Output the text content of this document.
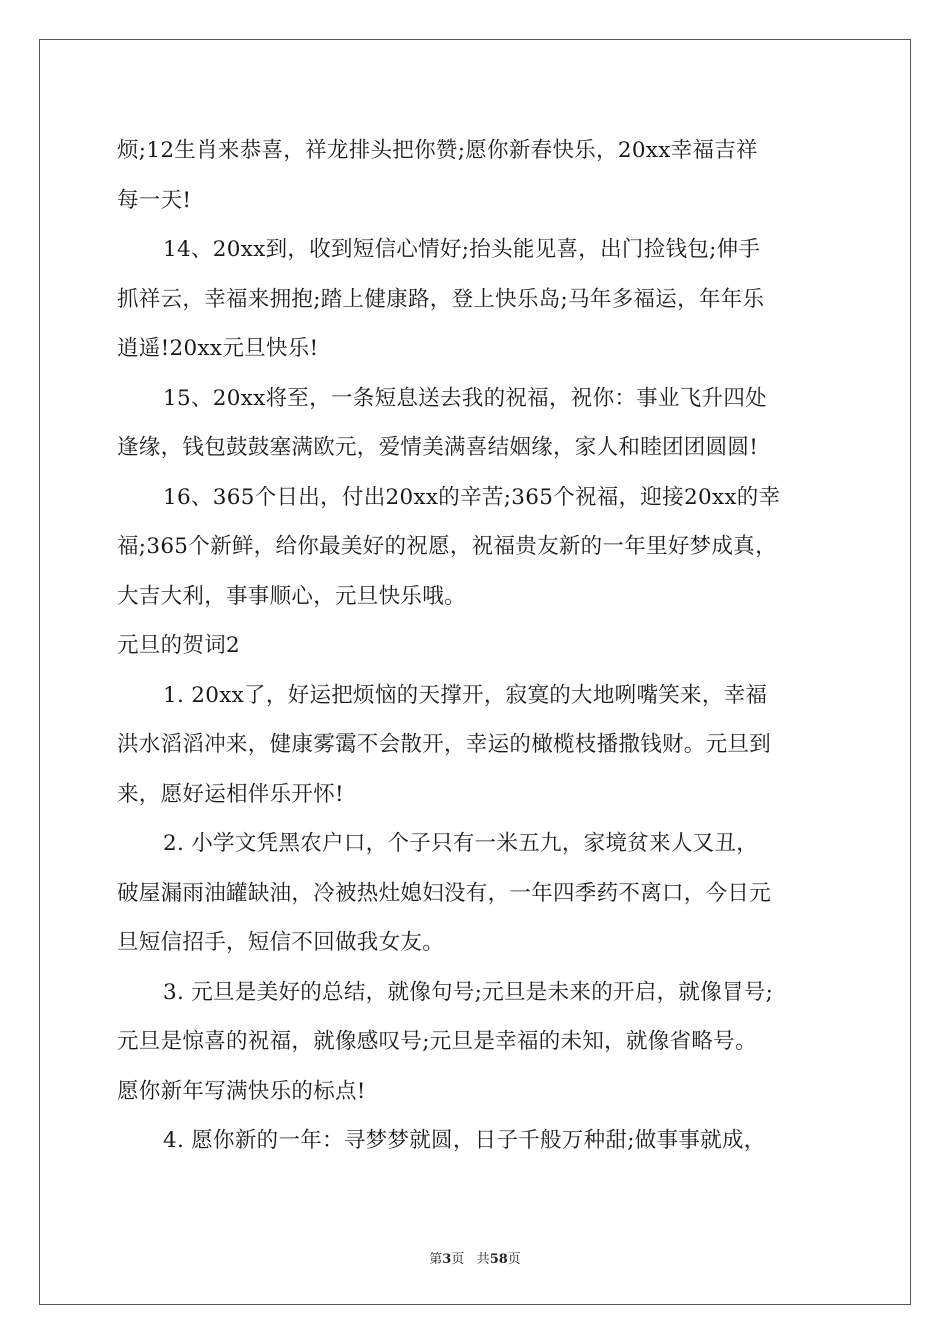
烦;12生肖来恭喜，祥龙排头把你赞;愿你新春快乐，20xx幸福吉祥
每一天!
14、20xx到，收到短信心情好;抬头能见喜，出门捡钱包;伸手
抓祥云，幸福来拥抱;踏上健康路，登上快乐岛;马年多福运，年年乐
逍遥!20xx元旦快乐!
15、20xx将至，一条短息送去我的祝福，祝你：事业飞升四处
逢缘，钱包鼓鼓塞满欧元，爱情美满喜结姻缘，家人和睦团团圆圆!
16、365个日出，付出20xx的辛苦;365个祝福，迎接20xx的幸
福;365个新鲜，给你最美好的祝愿，祝福贵友新的一年里好梦成真，
大吉大利，事事顺心，元旦快乐哦。
元旦的贺词2
1. 20xx了，好运把烦恼的天撑开，寂寞的大地咧嘴笑来，幸福
洪水滔滔冲来，健康雾霭不会散开，幸运的橄榄枝播撒钱财。元旦到
来，愿好运相伴乐开怀!
2. 小学文凭黑农户口，个子只有一米五九，家境贫来人又丑，
破屋漏雨油罐缺油，冷被热灶媳妇没有，一年四季药不离口，今日元
旦短信招手，短信不回做我女友。
3. 元旦是美好的总结，就像句号;元旦是未来的开启，就像冒号;
元旦是惊喜的祝福，就像感叹号;元旦是幸福的未知，就像省略号。
愿你新年写满快乐的标点!
4. 愿你新的一年：寻梦梦就圆，日子千般万种甜;做事事就成，
第3页 共58页
